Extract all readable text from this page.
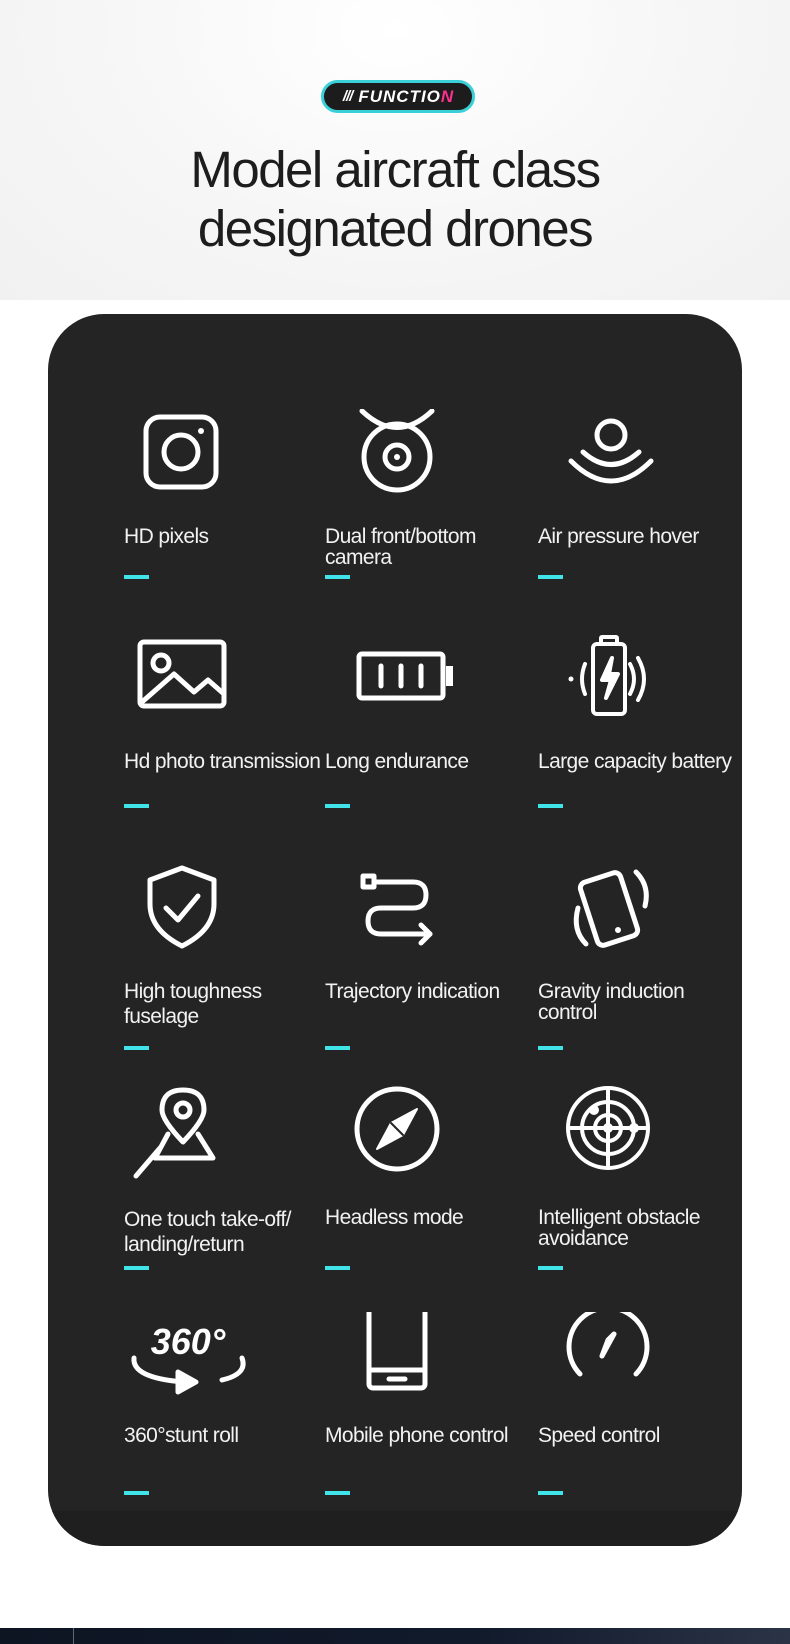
/// FUNCTIO N
Model aircraft class
designated drones
HD pixels	Dual front/bottom camera
Air pressure hover
Hd photo transmission Long endurance	Large capacity battery
High toughness fuselage
Trajectory indication	Gravity induction control
One touch take-off/ landing/return
Headless mode	Intelligent obstacle avoidance
360°
360°stunt roll	Mobile phone control	Speed control
